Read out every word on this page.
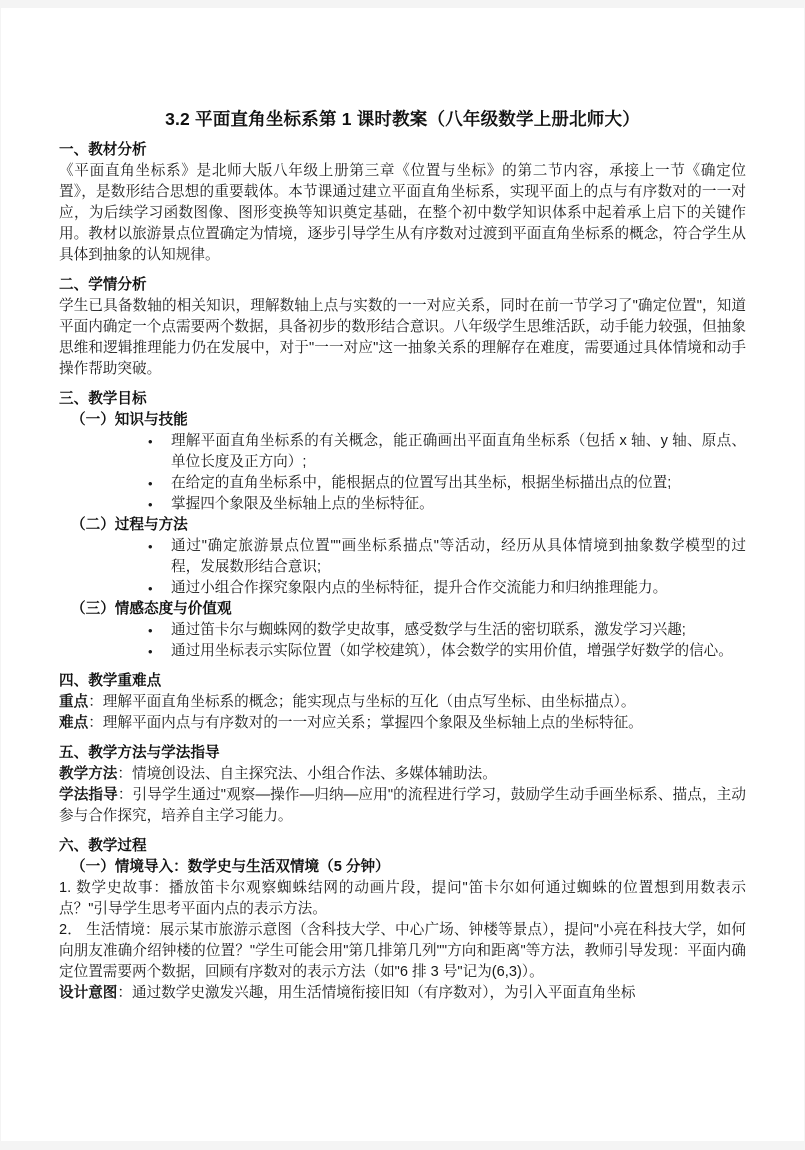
3.2 平面直角坐标系第 1 课时教案（八年级数学上册北师大）
一、教材分析
《平面直角坐标系》是北师大版八年级上册第三章《位置与坐标》的第二节内容，承接上一节《确定位置》，是数形结合思想的重要载体。本节课通过建立平面直角坐标系，实现平面上的点与有序数对的一一对应，为后续学习函数图像、图形变换等知识奠定基础，在整个初中数学知识体系中起着承上启下的关键作用。教材以旅游景点位置确定为情境，逐步引导学生从有序数对过渡到平面直角坐标系的概念，符合学生从具体到抽象的认知规律。
二、学情分析
学生已具备数轴的相关知识，理解数轴上点与实数的一一对应关系，同时在前一节学习了"确定位置"，知道平面内确定一个点需要两个数据，具备初步的数形结合意识。八年级学生思维活跃，动手能力较强，但抽象思维和逻辑推理能力仍在发展中，对于"一一对应"这一抽象关系的理解存在难度，需要通过具体情境和动手操作帮助突破。
三、教学目标
（一）知识与技能
• 理解平面直角坐标系的有关概念，能正确画出平面直角坐标系（包括 x 轴、y 轴、原点、单位长度及正方向）;
• 在给定的直角坐标系中，能根据点的位置写出其坐标，根据坐标描出点的位置;
• 掌握四个象限及坐标轴上点的坐标特征。
（二）过程与方法
• 通过"确定旅游景点位置""画坐标系描点"等活动，经历从具体情境到抽象数学模型的过程，发展数形结合意识;
• 通过小组合作探究象限内点的坐标特征，提升合作交流能力和归纳推理能力。
（三）情感态度与价值观
• 通过笛卡尔与蜘蛛网的数学史故事，感受数学与生活的密切联系，激发学习兴趣;
• 通过用坐标表示实际位置（如学校建筑），体会数学的实用价值，增强学好数学的信心。
四、教学重难点
重点：理解平面直角坐标系的概念；能实现点与坐标的互化（由点写坐标、由坐标描点）。
难点：理解平面内点与有序数对的一一对应关系；掌握四个象限及坐标轴上点的坐标特征。
五、教学方法与学法指导
教学方法：情境创设法、自主探究法、小组合作法、多媒体辅助法。
学法指导：引导学生通过"观察—操作—归纳—应用"的流程进行学习，鼓励学生动手画坐标系、描点，主动参与合作探究，培养自主学习能力。
六、教学过程
（一）情境导入：数学史与生活双情境（5 分钟）
1. 数学史故事：播放笛卡尔观察蜘蛛结网的动画片段，提问"笛卡尔如何通过蜘蛛的位置想到用数表示点？"引导学生思考平面内点的表示方法。
2． 生活情境：展示某市旅游示意图（含科技大学、中心广场、钟楼等景点），提问"小亮在科技大学，如何向朋友准确介绍钟楼的位置？"学生可能会用"第几排第几列""方向和距离"等方法，教师引导发现：平面内确定位置需要两个数据，回顾有序数对的表示方法（如"6 排 3 号"记为(6,3)）。
设计意图：通过数学史激发兴趣，用生活情境衔接旧知（有序数对），为引入平面直角坐标
